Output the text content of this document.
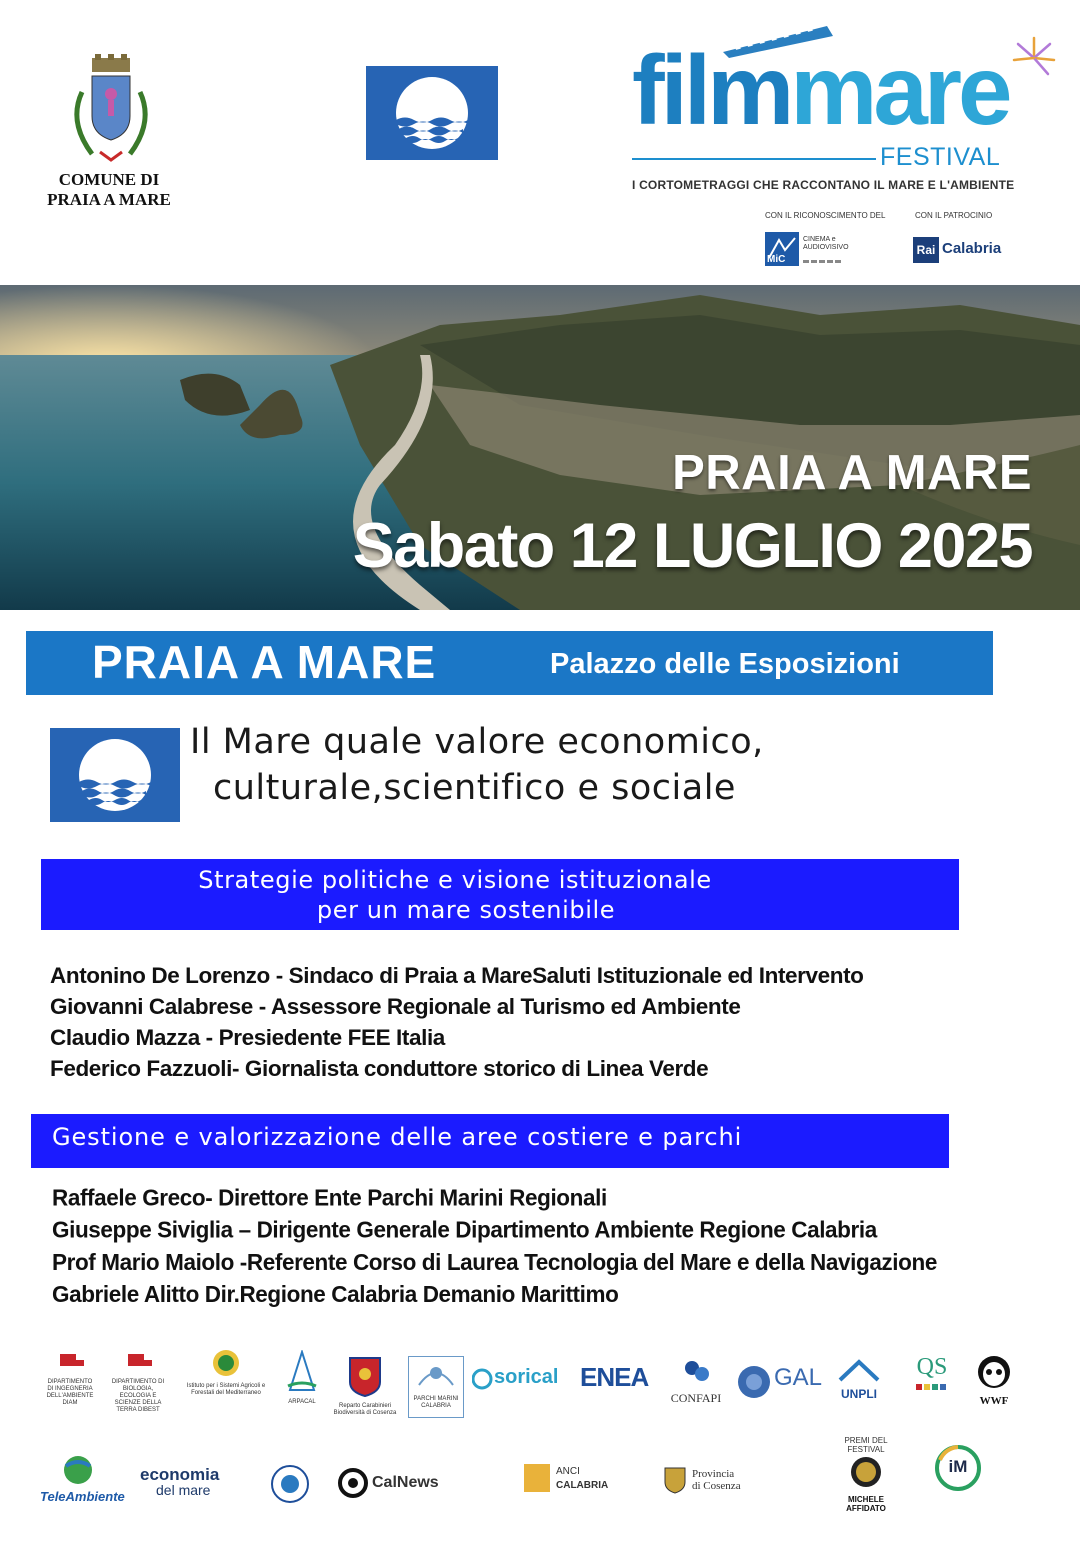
COMUNE DI
PRAIA A MARE
filmmare
FESTIVAL
I CORTOMETRAGGI CHE RACCONTANO IL MARE E L'AMBIENTE
CON IL RICONOSCIMENTO DEL	CON IL PATROCINIO
MiC
CINEMA e AUDIOVISIVO	Rai Calabria
PRAIA A MARE
Sabato 12 LUGLIO 2025
PRAIA A MARE	Palazzo delle Esposizioni
Il Mare quale valore economico,
culturale,scientifico e sociale
Strategie politiche e visione istituzionale
per un mare sostenibile
Antonino De Lorenzo - Sindaco di Praia a MareSaluti Istituzionale ed Intervento
Giovanni Calabrese - Assessore Regionale al Turismo ed Ambiente
Claudio Mazza - Presiedente FEE Italia
Federico Fazzuoli- Giornalista conduttore storico di Linea Verde
Gestione e valorizzazione delle aree costiere e parchi
Raffaele Greco- Direttore Ente Parchi Marini Regionali
Giuseppe Siviglia – Dirigente Generale Dipartimento Ambiente Regione Calabria
Prof Mario Maiolo -Referente Corso di Laurea Tecnologia del Mare e della Navigazione
Gabriele Alitto Dir.Regione Calabria Demanio Marittimo
DIPARTIMENTO DI INGEGNERIA DELL'AMBIENTE DIAM
DIPARTIMENTO DI BIOLOGIA, ECOLOGIA E SCIENZE DELLA TERRA DIBEST
Istituto per i Sistemi Agricoli e Forestali del Mediterraneo
ARPACAL
Reparto Carabinieri Biodiversità di Cosenza
PARCHI MARINI CALABRIA
sorical ENEA
CONFAPI
GAL
UNPLI
QS
WWF
TeleAmbiente
economia
del mare	CalNews
ANCI
CALABRIA
Provincia
di Cosenza
PREMI DEL FESTIVAL
MICHELE
AFFIDATO
iM
